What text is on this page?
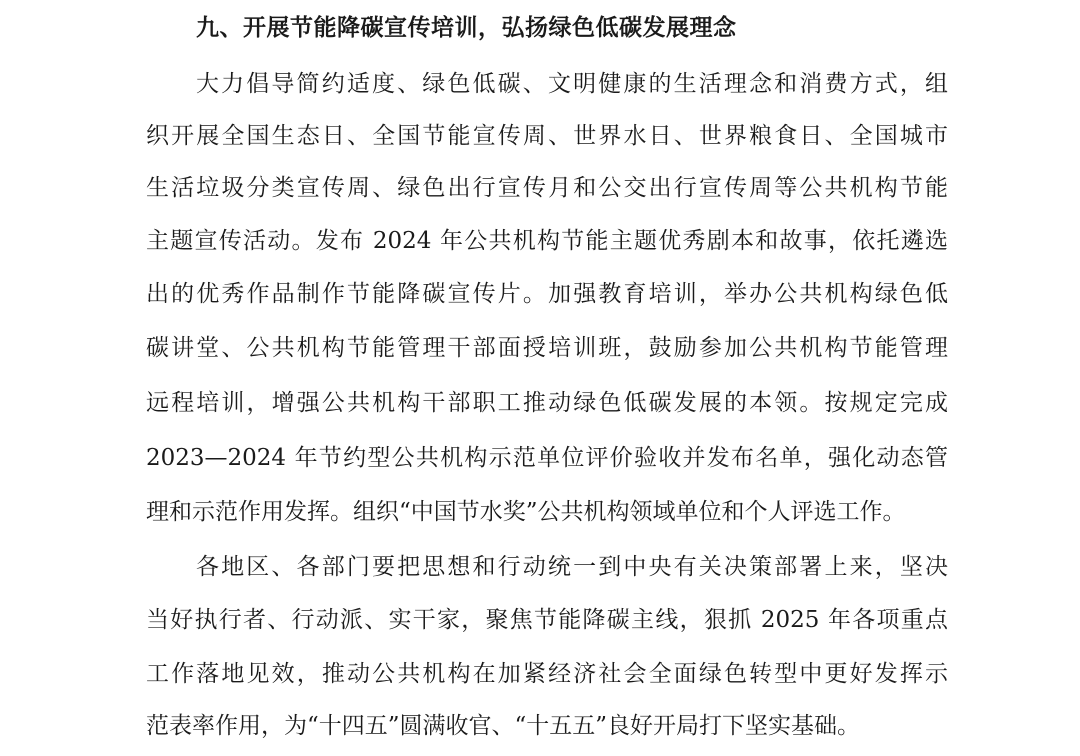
九、开展节能降碳宣传培训，弘扬绿色低碳发展理念
大力倡导简约适度、绿色低碳、文明健康的生活理念和消费方式，组
织开展全国生态日、全国节能宣传周、世界水日、世界粮食日、全国城市
生活垃圾分类宣传周、绿色出行宣传月和公交出行宣传周等公共机构节能
主题宣传活动。发布 2024 年公共机构节能主题优秀剧本和故事，依托遴选
出的优秀作品制作节能降碳宣传片。加强教育培训，举办公共机构绿色低
碳讲堂、公共机构节能管理干部面授培训班，鼓励参加公共机构节能管理
远程培训，增强公共机构干部职工推动绿色低碳发展的本领。按规定完成
2023—2024 年节约型公共机构示范单位评价验收并发布名单，强化动态管
理和示范作用发挥。组织“中国节水奖”公共机构领域单位和个人评选工作。
各地区、各部门要把思想和行动统一到中央有关决策部署上来，坚决
当好执行者、行动派、实干家，聚焦节能降碳主线，狠抓 2025 年各项重点
工作落地见效，推动公共机构在加紧经济社会全面绿色转型中更好发挥示
范表率作用，为“十四五”圆满收官、“十五五”良好开局打下坚实基础。
